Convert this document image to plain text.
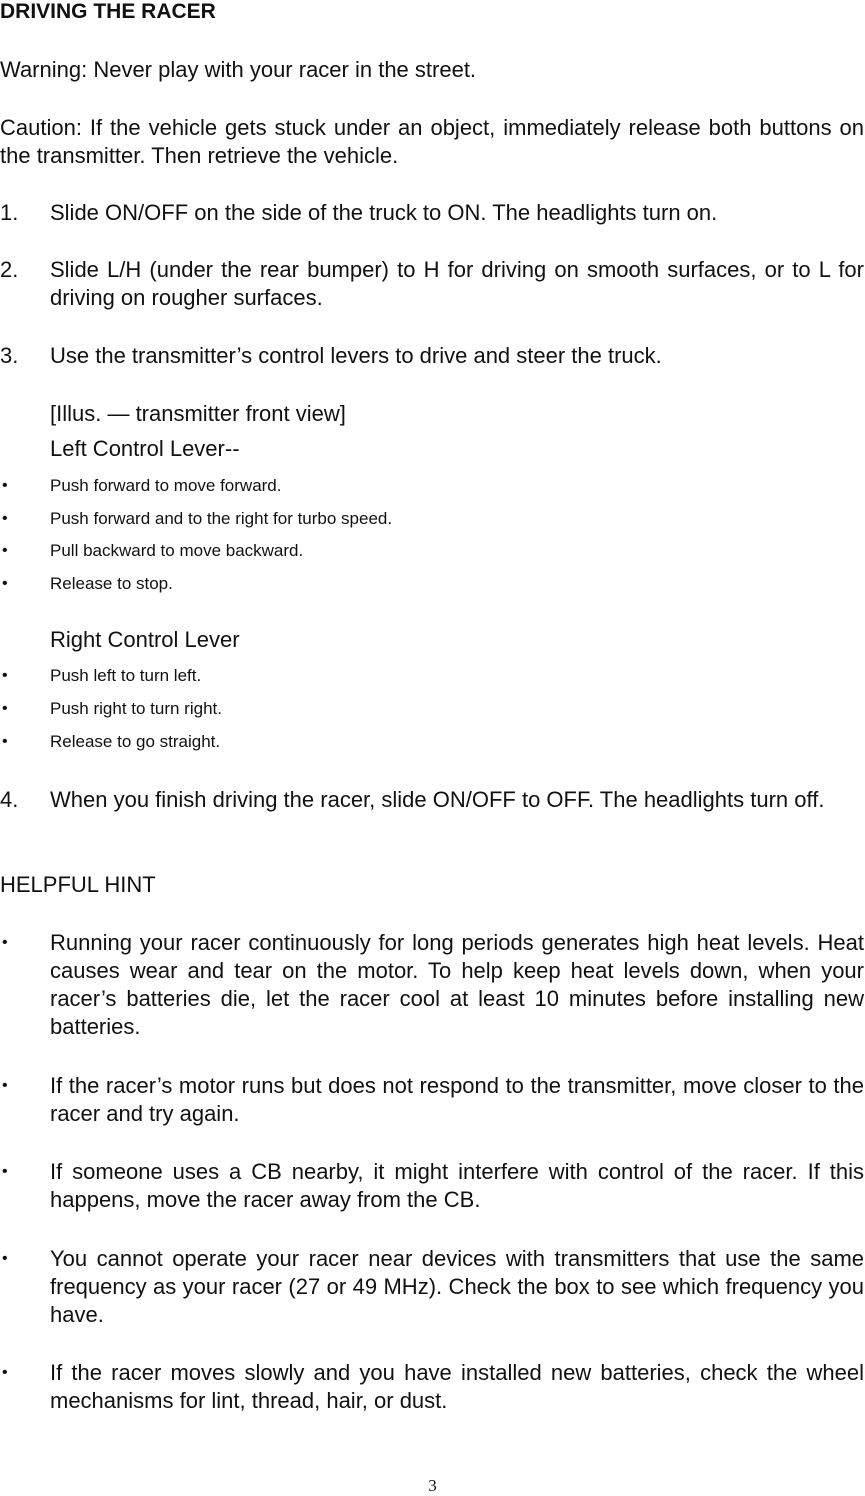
DRIVING THE RACER
Warning: Never play with your racer in the street.
Caution: If the vehicle gets stuck under an object, immediately release both buttons on the transmitter. Then retrieve the vehicle.
1. Slide ON/OFF on the side of the truck to ON. The headlights turn on.
2. Slide L/H (under the rear bumper) to H for driving on smooth surfaces, or to L for driving on rougher surfaces.
3. Use the transmitter’s control levers to drive and steer the truck.
[Illus. — transmitter front view]
Left Control Lever--
• Push forward to move forward.
• Push forward and to the right for turbo speed.
• Pull backward to move backward.
• Release to stop.
Right Control Lever
• Push left to turn left.
• Push right to turn right.
• Release to go straight.
4. When you finish driving the racer, slide ON/OFF to OFF. The headlights turn off.
HELPFUL HINT
• Running your racer continuously for long periods generates high heat levels. Heat causes wear and tear on the motor. To help keep heat levels down, when your racer’s batteries die, let the racer cool at least 10 minutes before installing new batteries.
• If the racer’s motor runs but does not respond to the transmitter, move closer to the racer and try again.
• If someone uses a CB nearby, it might interfere with control of the racer. If this happens, move the racer away from the CB.
• You cannot operate your racer near devices with transmitters that use the same frequency as your racer (27 or 49 MHz). Check the box to see which frequency you have.
• If the racer moves slowly and you have installed new batteries, check the wheel mechanisms for lint, thread, hair, or dust.
3
